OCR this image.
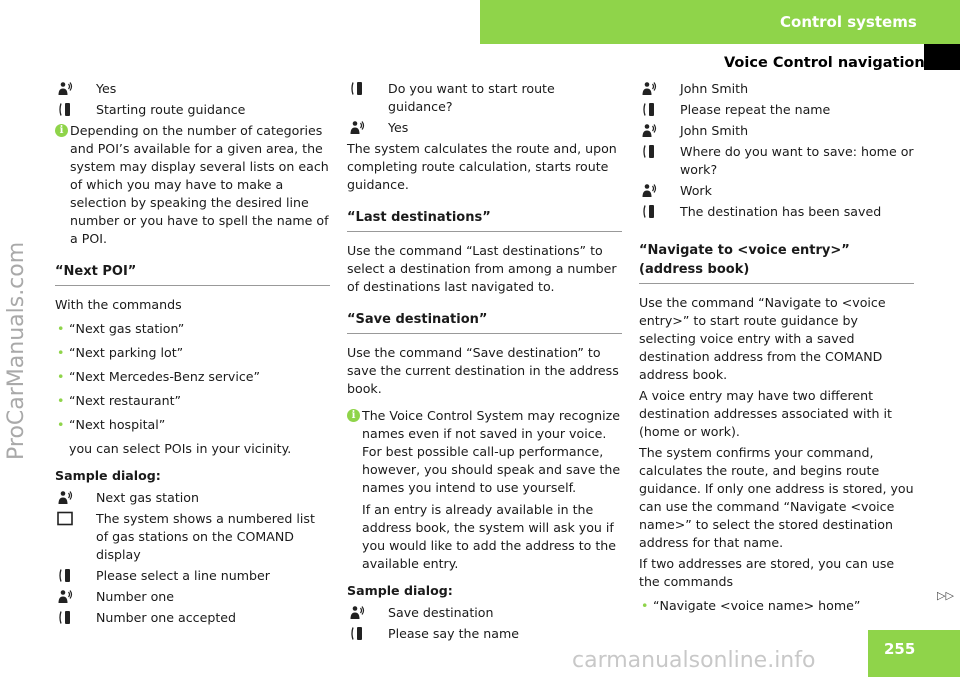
Control systems
Voice Control navigation
ProCarManuals.com
Yes
Starting route guidance
i Depending on the number of categories and POI’s available for a given area, the system may display several lists on each of which you may have to make a selection by speaking the desired line number or you have to spell the name of a POI.
“Next POI”
With the commands
• “Next gas station”
• “Next parking lot”
• “Next Mercedes-Benz service”
• “Next restaurant”
• “Next hospital”
you can select POIs in your vicinity.
Sample dialog:
Next gas station
The system shows a numbered list of gas stations on the COMAND display
Please select a line number
Number one
Number one accepted
Do you want to start route guidance?
Yes
The system calculates the route and, upon completing route calculation, starts route guidance.
“Last destinations”
Use the command “Last destinations” to select a destination from among a number of destinations last navigated to.
“Save destination”
Use the command “Save destination” to save the current destination in the address book.
i The Voice Control System may recognize names even if not saved in your voice. For best possible call-up performance, however, you should speak and save the names you intend to use yourself.
If an entry is already available in the address book, the system will ask you if you would like to add the address to the available entry.
Sample dialog:
Save destination
Please say the name
John Smith
Please repeat the name
John Smith
Where do you want to save: home or work?
Work
The destination has been saved
“Navigate to <voice entry>” (address book)
Use the command “Navigate to <voice entry>” to start route guidance by selecting voice entry with a saved destination address from the COMAND address book.
A voice entry may have two different destination addresses associated with it (home or work).
The system confirms your command, calculates the route, and begins route guidance. If only one address is stored, you can use the command “Navigate <voice name>” to select the stored destination address for that name.
If two addresses are stored, you can use the commands
• “Navigate <voice name> home”
▷▷
255
carmanualsonline.info
